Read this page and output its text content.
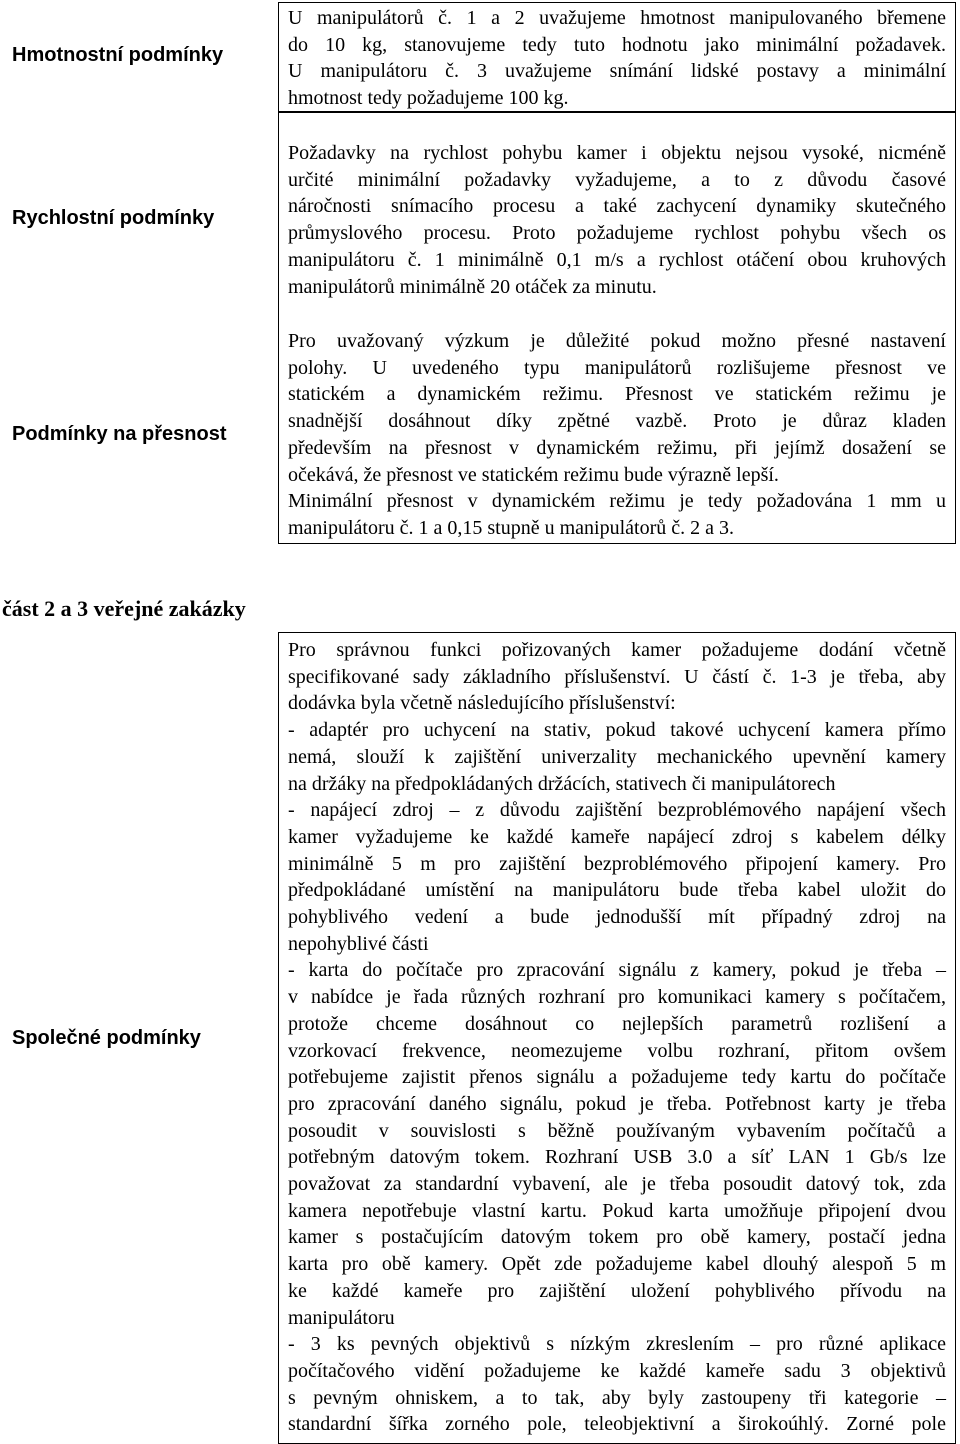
Hmotnostní podmínky
Rychlostní podmínky
Podmínky na přesnost
U manipulátorů č. 1 a 2 uvažujeme hmotnost manipulovaného břemene
do 10 kg, stanovujeme tedy tuto hodnotu jako minimální požadavek.
U manipulátoru č. 3 uvažujeme snímání lidské postavy a minimální
hmotnost tedy požadujeme 100 kg.
Požadavky na rychlost pohybu kamer i objektu nejsou vysoké, nicméně
určité minimální požadavky vyžadujeme, a to z důvodu časové
náročnosti snímacího procesu a také zachycení dynamiky skutečného
průmyslového procesu. Proto požadujeme rychlost pohybu všech os
manipulátoru č. 1 minimálně 0,1 m/s a rychlost otáčení obou kruhových
manipulátorů minimálně 20 otáček za minutu.
Pro uvažovaný výzkum je důležité pokud možno přesné nastavení
polohy. U uvedeného typu manipulátorů rozlišujeme přesnost ve
statickém a dynamickém režimu. Přesnost ve statickém režimu je
snadnější dosáhnout díky zpětné vazbě. Proto je důraz kladen
především na přesnost v dynamickém režimu, při jejímž dosažení se
očekává, že přesnost ve statickém režimu bude výrazně lepší.
Minimální přesnost v dynamickém režimu je tedy požadována 1 mm u
manipulátoru č. 1 a 0,15 stupně u manipulátorů č. 2 a 3.
část 2 a 3 veřejné zakázky
Společné podmínky
Pro správnou funkci pořizovaných kamer požadujeme dodání včetně
specifikované sady základního příslušenství. U částí č. 1-3 je třeba, aby
dodávka byla včetně následujícího příslušenství:
- adaptér pro uchycení na stativ, pokud takové uchycení kamera přímo
nemá, slouží k zajištění univerzality mechanického upevnění kamery
na držáky na předpokládaných držácích, stativech či manipulátorech
- napájecí zdroj – z důvodu zajištění bezproblémového napájení všech
kamer vyžadujeme ke každé kameře napájecí zdroj s kabelem délky
minimálně 5 m pro zajištění bezproblémového připojení kamery. Pro
předpokládané umístění na manipulátoru bude třeba kabel uložit do
pohyblivého vedení a bude jednodušší mít případný zdroj na
nepohyblivé části
- karta do počítače pro zpracování signálu z kamery, pokud je třeba –
v nabídce je řada různých rozhraní pro komunikaci kamery s počítačem,
protože chceme dosáhnout co nejlepších parametrů rozlišení a
vzorkovací frekvence, neomezujeme volbu rozhraní, přitom ovšem
potřebujeme zajistit přenos signálu a požadujeme tedy kartu do počítače
pro zpracování daného signálu, pokud je třeba. Potřebnost karty je třeba
posoudit v souvislosti s běžně používaným vybavením počítačů a
potřebným datovým tokem. Rozhraní USB 3.0 a síť LAN 1 Gb/s lze
považovat za standardní vybavení, ale je třeba posoudit datový tok, zda
kamera nepotřebuje vlastní kartu. Pokud karta umožňuje připojení dvou
kamer s postačujícím datovým tokem pro obě kamery, postačí jedna
karta pro obě kamery. Opět zde požadujeme kabel dlouhý alespoň 5 m
ke každé kameře pro zajištění uložení pohyblivého přívodu na
manipulátoru
- 3 ks pevných objektivů s nízkým zkreslením – pro různé aplikace
počítačového vidění požadujeme ke každé kameře sadu 3 objektivů
s pevným ohniskem, a to tak, aby byly zastoupeny tři kategorie –
standardní šířka zorného pole, teleobjektivní a širokoúhlý. Zorné pole
